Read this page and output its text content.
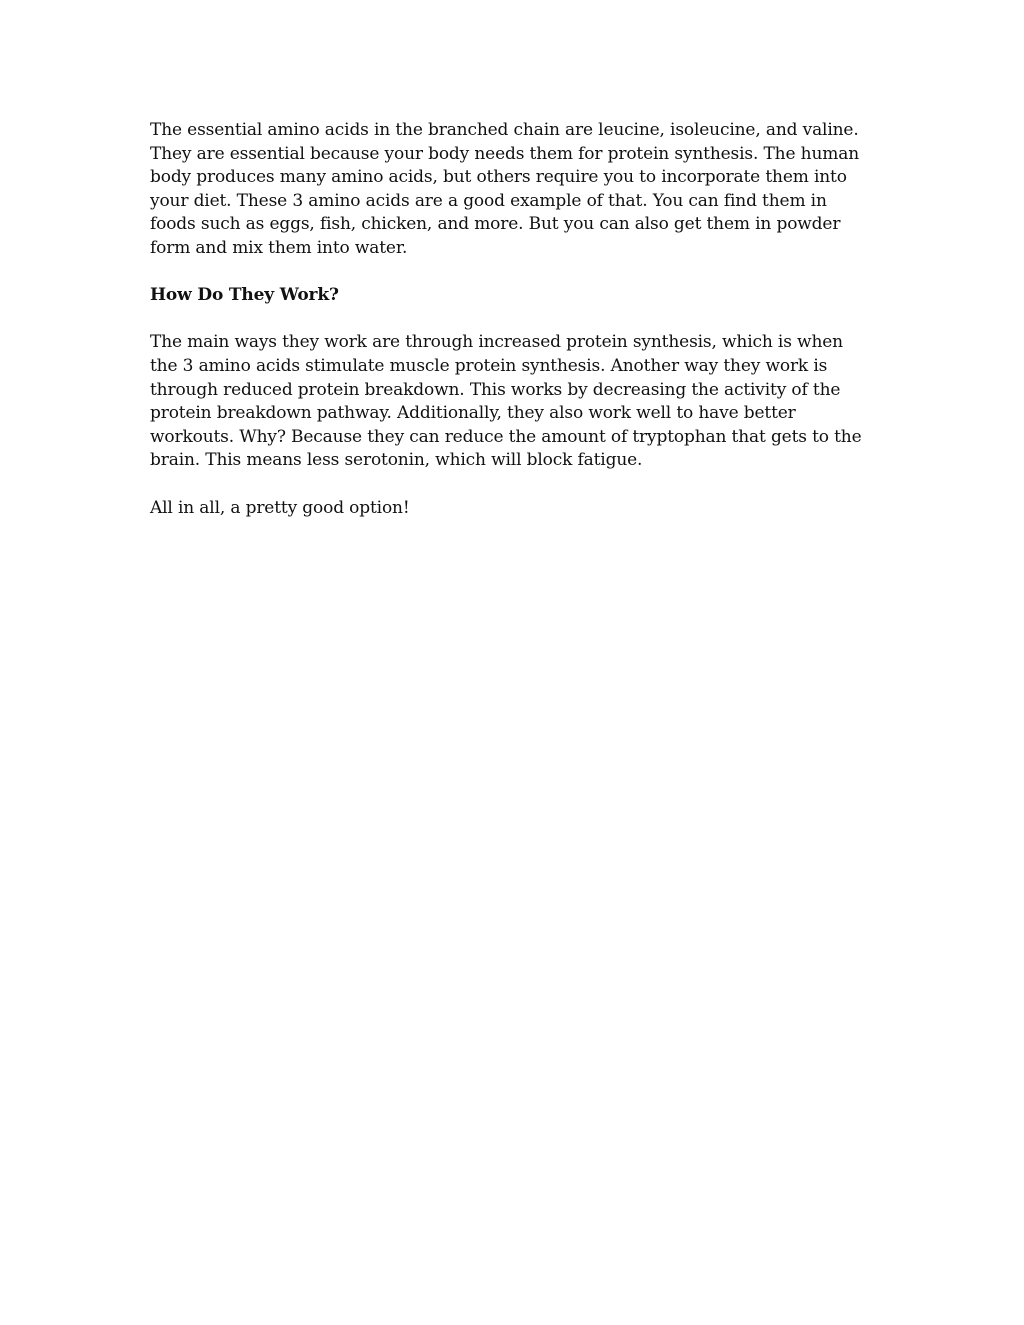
The essential amino acids in the branched chain are leucine, isoleucine, and valine.
They are essential because your body needs them for protein synthesis. The human
body produces many amino acids, but others require you to incorporate them into
your diet. These 3 amino acids are a good example of that. You can find them in
foods such as eggs, fish, chicken, and more. But you can also get them in powder
form and mix them into water.

How Do They Work?

The main ways they work are through increased protein synthesis, which is when
the 3 amino acids stimulate muscle protein synthesis. Another way they work is
through reduced protein breakdown. This works by decreasing the activity of the
protein breakdown pathway. Additionally, they also work well to have better
workouts. Why? Because they can reduce the amount of tryptophan that gets to the
brain. This means less serotonin, which will block fatigue.

All in all, a pretty good option!
